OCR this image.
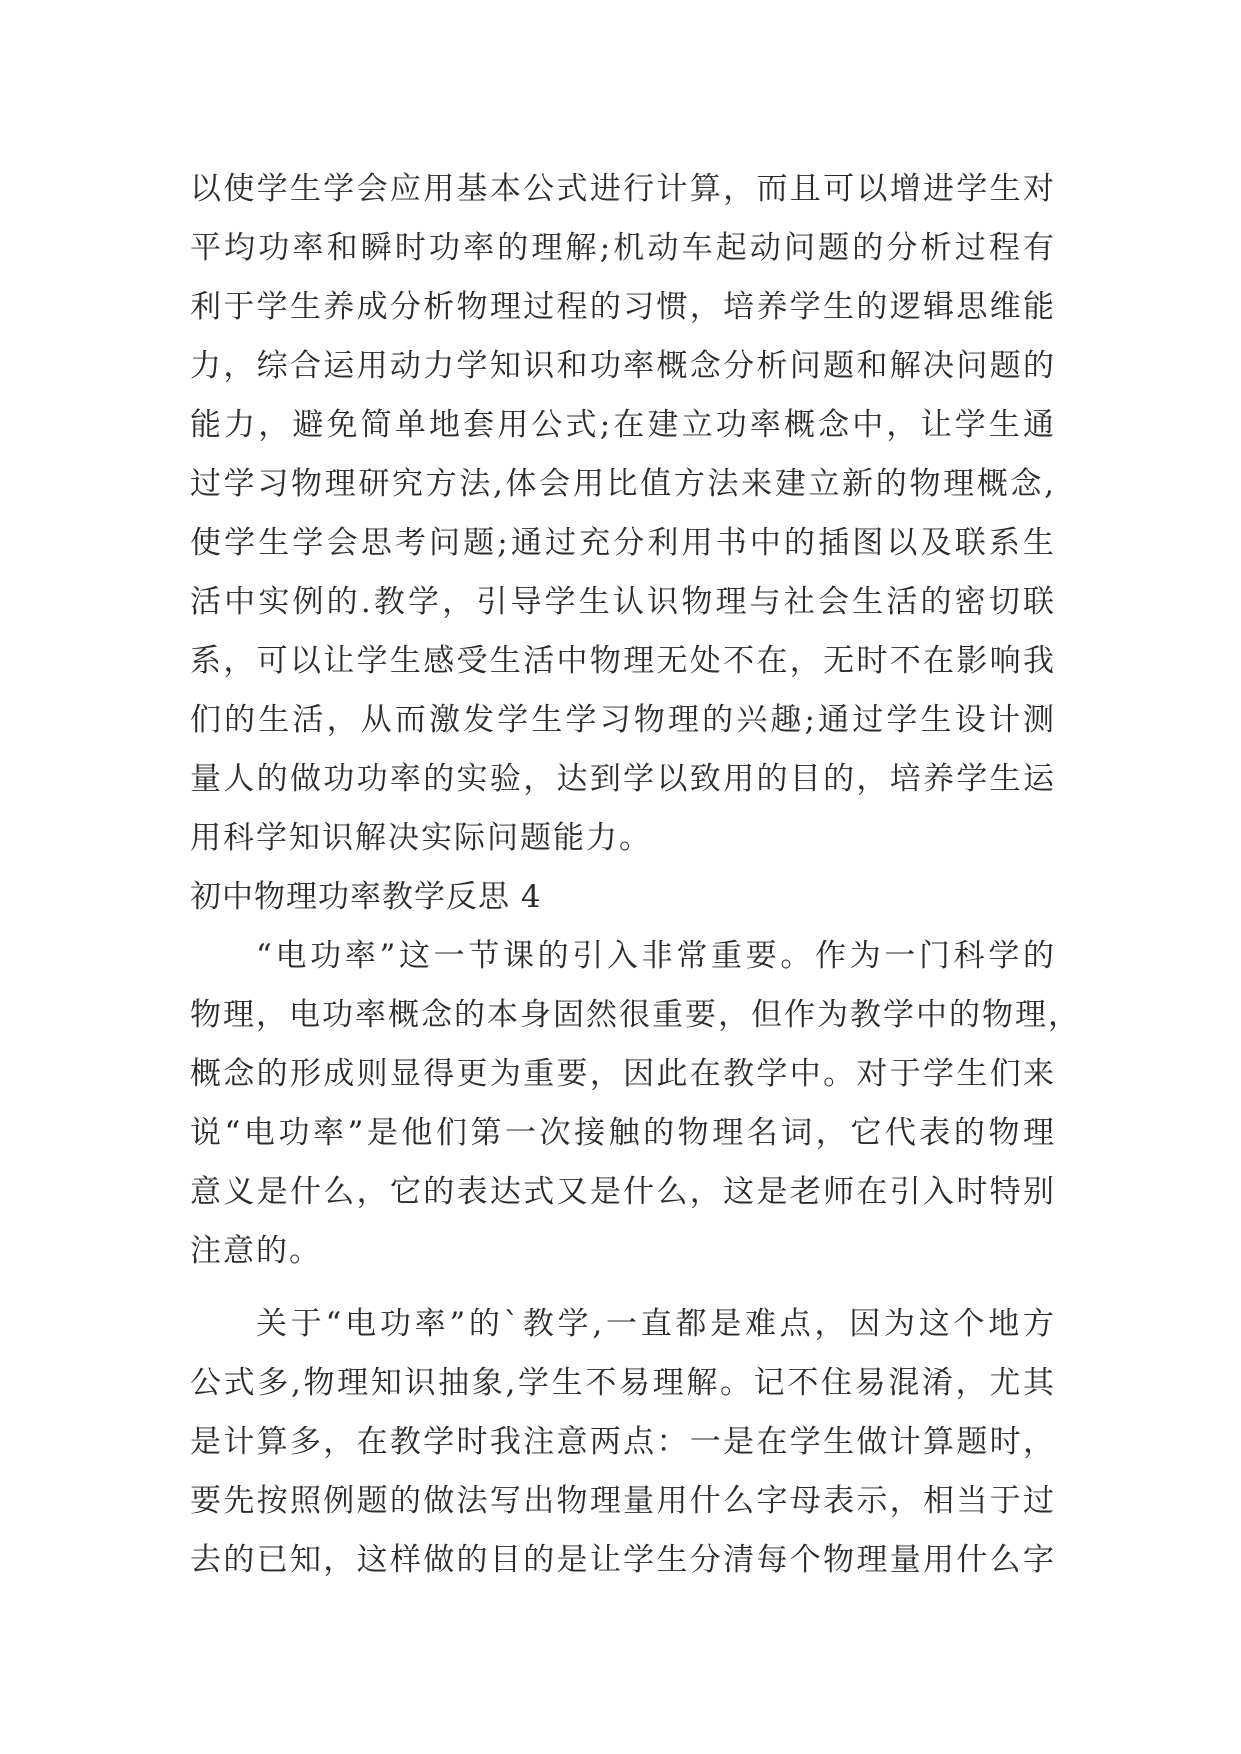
以使学生学会应用基本公式进行计算，而且可以增进学生对
平均功率和瞬时功率的理解;机动车起动问题的分析过程有
利于学生养成分析物理过程的习惯，培养学生的逻辑思维能
力，综合运用动力学知识和功率概念分析问题和解决问题的
能力，避免简单地套用公式;在建立功率概念中，让学生通
过学习物理研究方法,体会用比值方法来建立新的物理概念,
使学生学会思考问题;通过充分利用书中的插图以及联系生
活中实例的.教学，引导学生认识物理与社会生活的密切联
系，可以让学生感受生活中物理无处不在，无时不在影响我
们的生活，从而激发学生学习物理的兴趣;通过学生设计测
量人的做功功率的实验，达到学以致用的目的，培养学生运
用科学知识解决实际问题能力。
初中物理功率教学反思 4
“电功率”这一节课的引入非常重要。作为一门科学的
物理，电功率概念的本身固然很重要，但作为教学中的物理，
概念的形成则显得更为重要，因此在教学中。对于学生们来
说“电功率”是他们第一次接触的物理名词，它代表的物理
意义是什么，它的表达式又是什么，这是老师在引入时特别
注意的。
关于“电功率”的`教学,一直都是难点，因为这个地方
公式多,物理知识抽象,学生不易理解。记不住易混淆，尤其
是计算多，在教学时我注意两点：一是在学生做计算题时，
要先按照例题的做法写出物理量用什么字母表示，相当于过
去的已知，这样做的目的是让学生分清每个物理量用什么字
